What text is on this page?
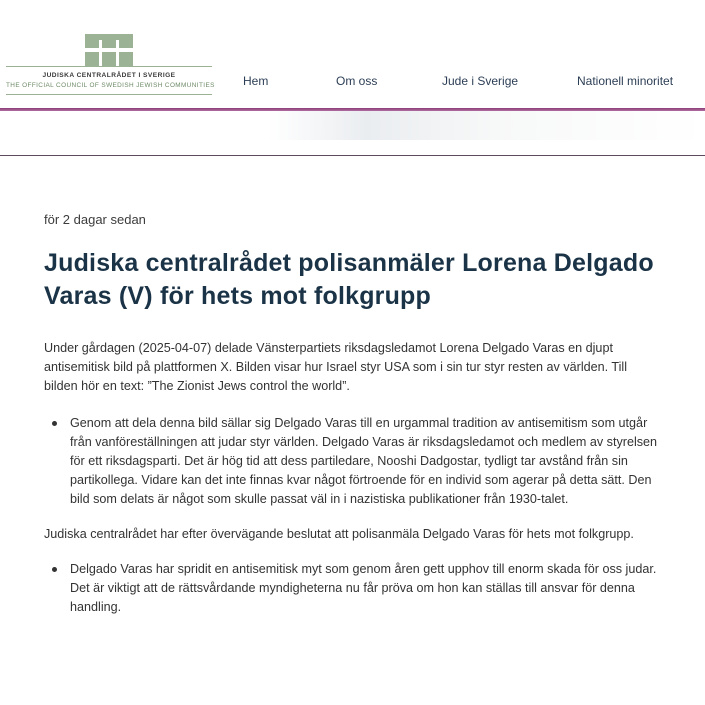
JUDISKA CENTRALRÅDET I SVERIGE
THE OFFICIAL COUNCIL OF SWEDISH JEWISH COMMUNITIES Hem	Om oss	Jude i Sverige	Nationell minoritet
för 2 dagar sedan
Judiska centralrådet polisanmäler Lorena Delgado Varas (V) för hets mot folkgrupp

Under gårdagen (2025-04-07) delade Vänsterpartiets riksdagsledamot Lorena Delgado Varas en djupt antisemitisk bild på plattformen X. Bilden visar hur Israel styr USA som i sin tur styr resten av världen. Till bilden hör en text: ”The Zionist Jews control the world”.

Genom att dela denna bild sällar sig Delgado Varas till en urgammal tradition av antisemitism som utgår från vanföreställningen att judar styr världen. Delgado Varas är riksdagsledamot och medlem av styrelsen för ett riksdagsparti. Det är hög tid att dess partiledare, Nooshi Dadgostar, tydligt tar avstånd från sin partikollega. Vidare kan det inte finnas kvar något förtroende för en individ som agerar på detta sätt. Den bild som delats är något som skulle passat väl in i nazistiska publikationer från 1930-talet.

Judiska centralrådet har efter övervägande beslutat att polisanmäla Delgado Varas för hets mot folkgrupp.

Delgado Varas har spridit en antisemitisk myt som genom åren gett upphov till enorm skada för oss judar. Det är viktigt att de rättsvårdande myndigheterna nu får pröva om hon kan ställas till ansvar för denna handling.
